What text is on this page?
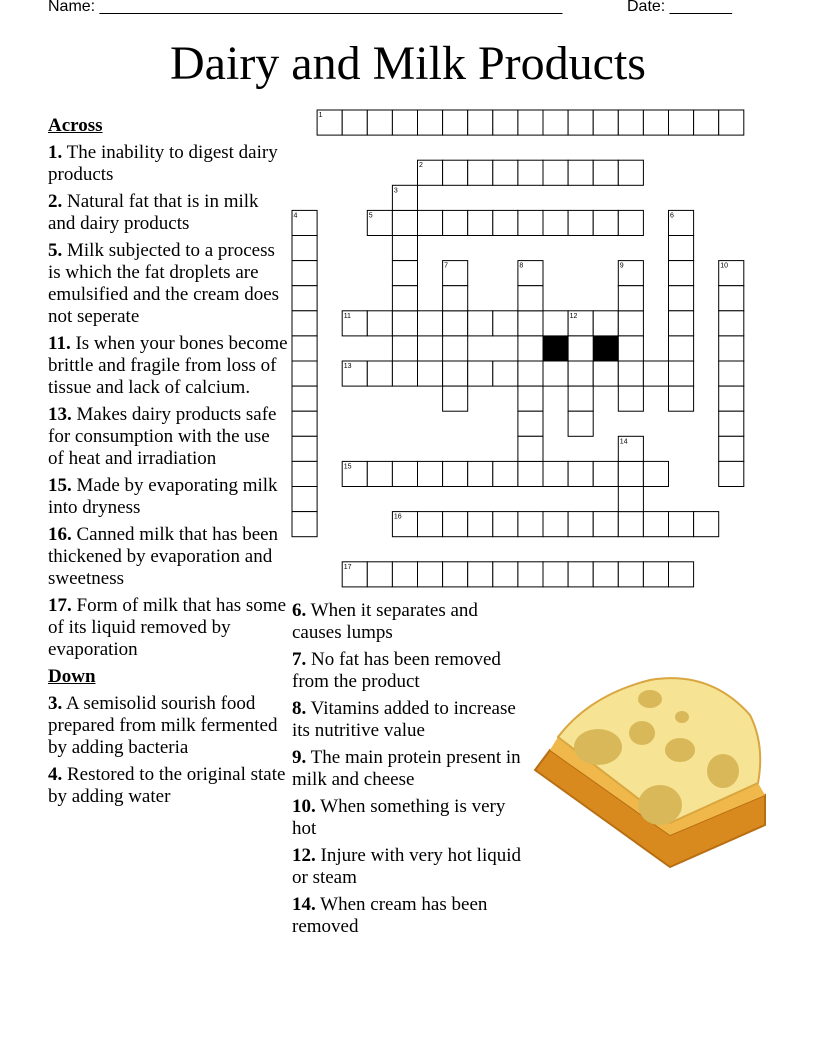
Name: ____________________________________________________	Date: _______
Dairy and Milk Products
Across
1. The inability to digest dairy products
2. Natural fat that is in milk and dairy products
5. Milk subjected to a process is which the fat droplets are emulsified and the cream does not seperate
11. Is when your bones become brittle and fragile from loss of tissue and lack of calcium.
13. Makes dairy products safe for consumption with the use of heat and irradiation
15. Made by evaporating milk into dryness
16. Canned milk that has been thickened by evaporation and sweetness
17. Form of milk that has some of its liquid removed by evaporation
Down
3. A semisolid sourish food prepared from milk fermented by adding bacteria
4. Restored to the original state by adding water
6. When it separates and causes lumps
7. No fat has been removed from the product
8. Vitamins added to increase its nutritive value
9. The main protein present in milk and cheese
10. When something is very hot
12. Injure with very hot liquid or steam
14. When cream has been removed
1
2
3
4	5	6
7	8	9	10
11	12
13
14
15
16
17
